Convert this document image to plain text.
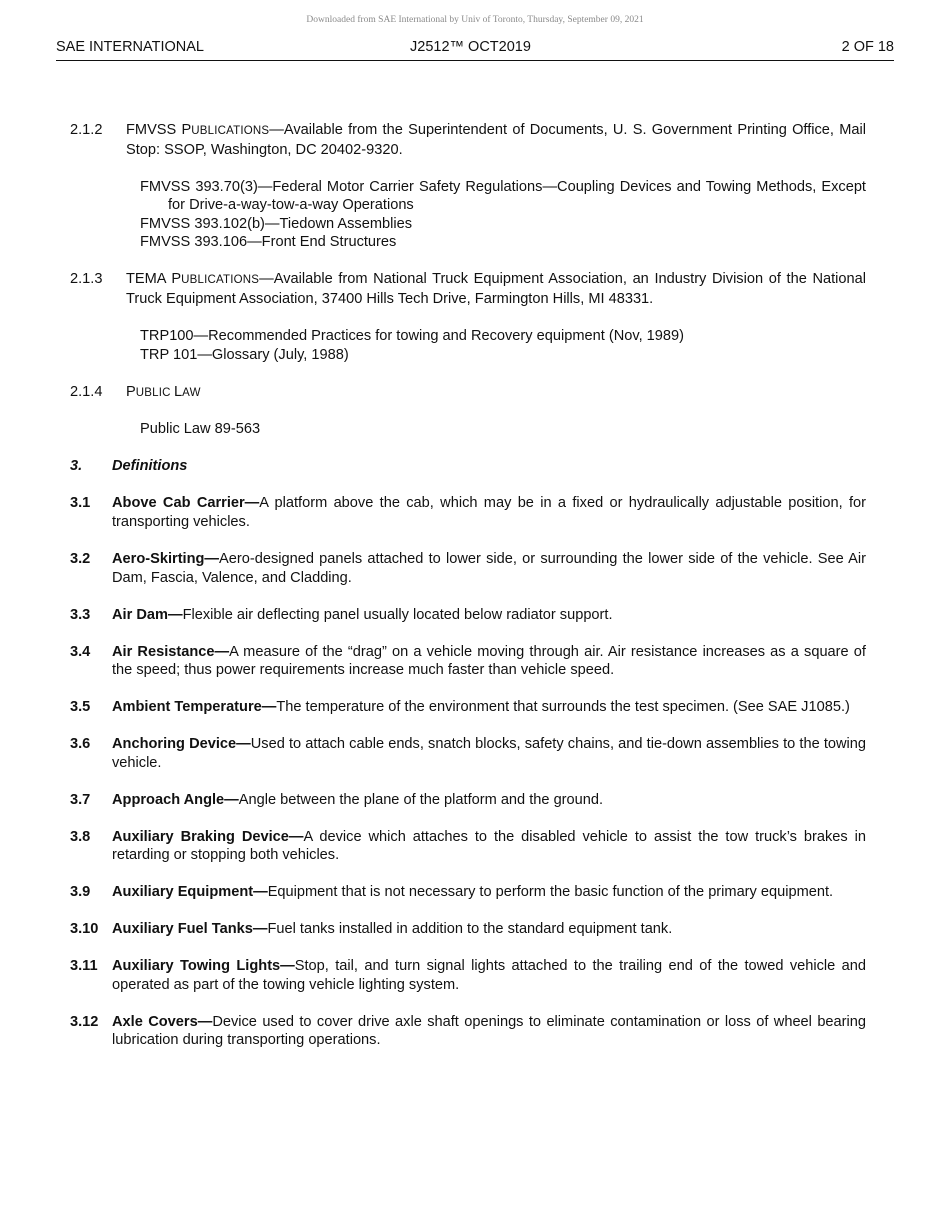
Downloaded from SAE International by Univ of Toronto, Thursday, September 09, 2021
SAE INTERNATIONAL	J2512™ OCT2019	2 OF 18
2.1.2	FMVSS PUBLICATIONS—Available from the Superintendent of Documents, U. S. Government Printing Office, Mail Stop: SSOP, Washington, DC 20402-9320.
FMVSS 393.70(3)—Federal Motor Carrier Safety Regulations—Coupling Devices and Towing Methods, Except for Drive-a-way-tow-a-way Operations
FMVSS 393.102(b)—Tiedown Assemblies
FMVSS 393.106—Front End Structures
2.1.3	TEMA PUBLICATIONS—Available from National Truck Equipment Association, an Industry Division of the National Truck Equipment Association, 37400 Hills Tech Drive, Farmington Hills, MI 48331.
TRP100—Recommended Practices for towing and Recovery equipment (Nov, 1989)
TRP 101—Glossary (July, 1988)
2.1.4	PUBLIC LAW
Public Law 89-563
3.	Definitions
3.1	Above Cab Carrier—A platform above the cab, which may be in a fixed or hydraulically adjustable position, for transporting vehicles.
3.2	Aero-Skirting—Aero-designed panels attached to lower side, or surrounding the lower side of the vehicle. See Air Dam, Fascia, Valence, and Cladding.
3.3	Air Dam—Flexible air deflecting panel usually located below radiator support.
3.4	Air Resistance—A measure of the “drag” on a vehicle moving through air. Air resistance increases as a square of the speed; thus power requirements increase much faster than vehicle speed.
3.5	Ambient Temperature—The temperature of the environment that surrounds the test specimen. (See SAE J1085.)
3.6	Anchoring Device—Used to attach cable ends, snatch blocks, safety chains, and tie-down assemblies to the towing vehicle.
3.7	Approach Angle—Angle between the plane of the platform and the ground.
3.8	Auxiliary Braking Device—A device which attaches to the disabled vehicle to assist the tow truck’s brakes in retarding or stopping both vehicles.
3.9	Auxiliary Equipment—Equipment that is not necessary to perform the basic function of the primary equipment.
3.10 Auxiliary Fuel Tanks—Fuel tanks installed in addition to the standard equipment tank.
3.11 Auxiliary Towing Lights—Stop, tail, and turn signal lights attached to the trailing end of the towed vehicle and operated as part of the towing vehicle lighting system.
3.12 Axle Covers—Device used to cover drive axle shaft openings to eliminate contamination or loss of wheel bearing lubrication during transporting operations.
